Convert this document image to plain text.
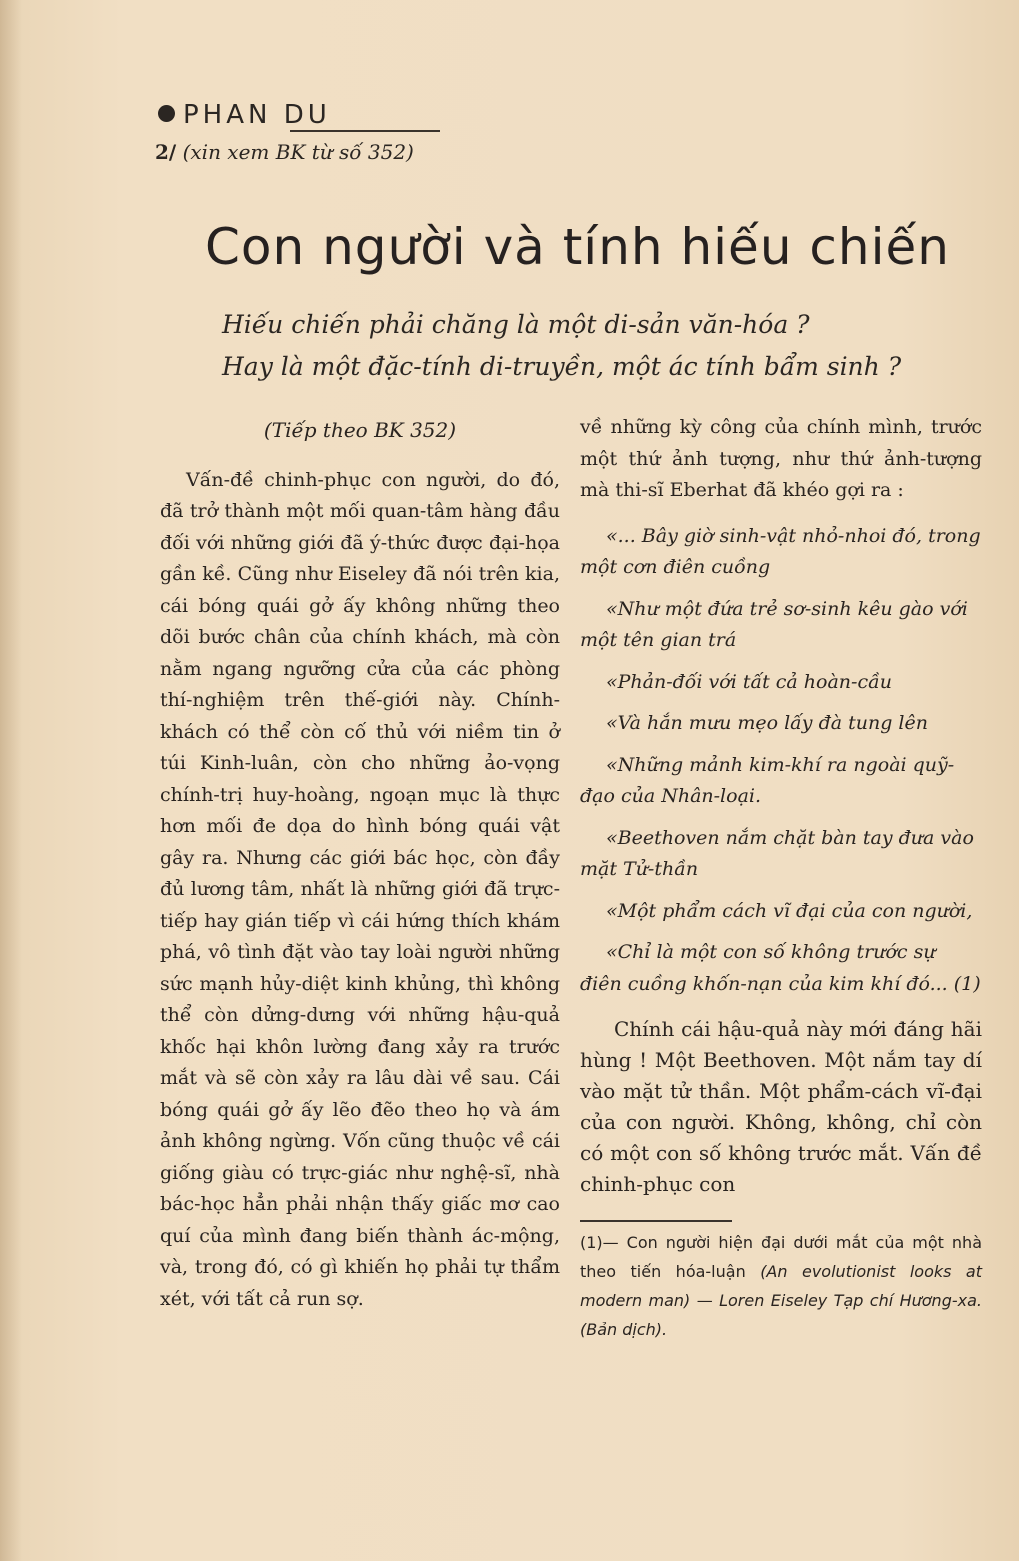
PHAN DU
2/ (xin xem BK từ số 352)
Con người và tính hiếu chiến
Hiếu chiến phải chăng là một di-sản văn-hóa ?
Hay là một đặc-tính di-truyền, một ác tính bẩm sinh ?
(Tiếp theo BK 352)

Vấn-đề chinh-phục con người, do đó, đã trở thành một mối quan-tâm hàng đầu đối với những giới đã ý-thức được đại-họa gần kề. Cũng như Eiseley đã nói trên kia, cái bóng quái gở ấy không những theo dõi bước chân của chính khách, mà còn nằm ngang ngưỡng cửa của các phòng thí-nghiệm trên thế-giới này. Chính-khách có thể còn cố thủ với niềm tin ở túi Kinh-luân, còn cho những ảo-vọng chính-trị huy-hoàng, ngoạn mục là thực hơn mối đe dọa do hình bóng quái vật gây ra. Nhưng các giới bác học, còn đầy đủ lương tâm, nhất là những giới đã trực-tiếp hay gián tiếp vì cái hứng thích khám phá, vô tình đặt vào tay loài người những sức mạnh hủy-diệt kinh khủng, thì không thể còn dửng-dưng với những hậu-quả khốc hại khôn lường đang xảy ra trước mắt và sẽ còn xảy ra lâu dài về sau. Cái bóng quái gở ấy lẽo đẽo theo họ và ám ảnh không ngừng. Vốn cũng thuộc về cái giống giàu có trực-giác như nghệ-sĩ, nhà bác-học hẳn phải nhận thấy giấc mơ cao quí của mình đang biến thành ác-mộng, và, trong đó, có gì khiến họ phải tự thẩm xét, với tất cả run sợ.

về những kỳ công của chính mình, trước một thứ ảnh tượng, như thứ ảnh-tượng mà thi-sĩ Eberhat đã khéo gợi ra :

«... Bây giờ sinh-vật nhỏ-nhoi đó, trong một cơn điên cuồng

«Như một đứa trẻ sơ-sinh kêu gào với một tên gian trá

«Phản-đối với tất cả hoàn-cầu

«Và hắn mưu mẹo lấy đà tung lên

«Những mảnh kim-khí ra ngoài quỹ-đạo của Nhân-loại.

«Beethoven nắm chặt bàn tay đưa vào mặt Tử-thần

«Một phẩm cách vĩ đại của con người,

«Chỉ là một con số không trước sự điên cuồng khốn-nạn của kim khí đó... (1)

Chính cái hậu-quả này mới đáng hãi hùng ! Một Beethoven. Một nắm tay dí vào mặt tử thần. Một phẩm-cách vĩ-đại của con người. Không, không, chỉ còn có một con số không trước mắt. Vấn đề chinh-phục con

(1)— Con người hiện đại dưới mắt của một nhà theo tiến hóa-luận (An evolutionist looks at modern man) — Loren Eiseley Tạp chí Hương-xa. (Bản dịch).
